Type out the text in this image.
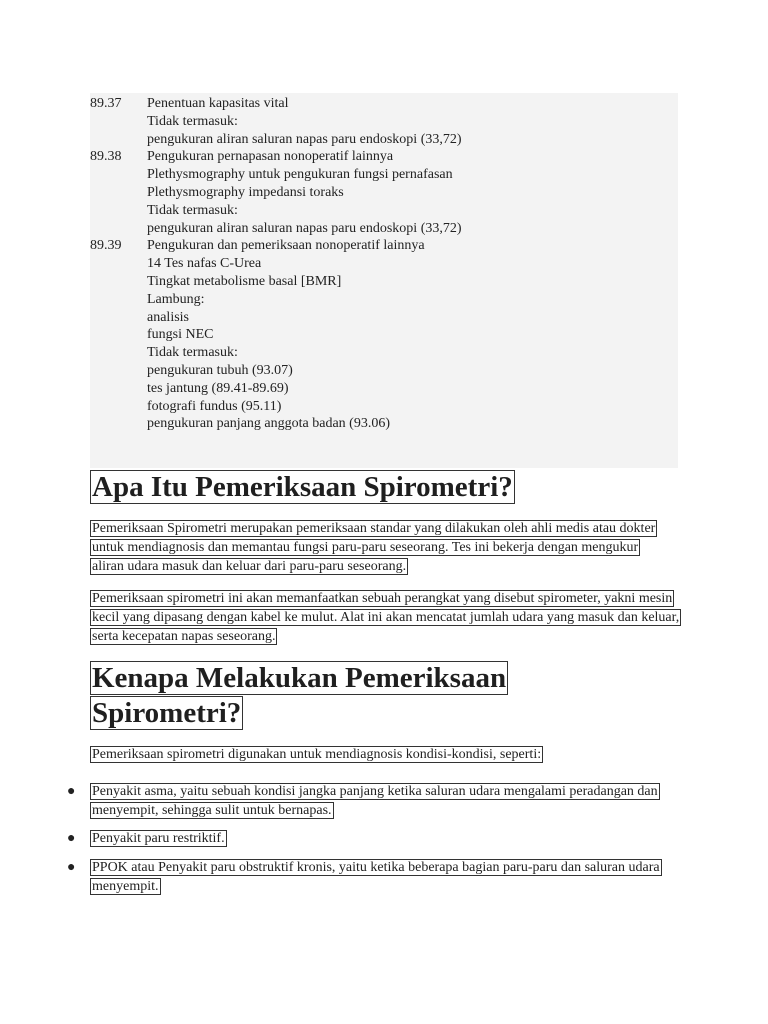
89.37	Penentuan kapasitas vital
Tidak termasuk:
pengukuran aliran saluran napas paru endoskopi (33,72)
89.38	Pengukuran pernapasan nonoperatif lainnya
Plethysmography untuk pengukuran fungsi pernafasan
Plethysmography impedansi toraks
Tidak termasuk:
pengukuran aliran saluran napas paru endoskopi (33,72)
89.39	Pengukuran dan pemeriksaan nonoperatif lainnya
14 Tes nafas C-Urea
Tingkat metabolisme basal [BMR]
Lambung:
analisis
fungsi NEC
Tidak termasuk:
pengukuran tubuh (93.07)
tes jantung (89.41-89.69)
fotografi fundus (95.11)
pengukuran panjang anggota badan (93.06)
Apa Itu Pemeriksaan Spirometri?

Pemeriksaan Spirometri merupakan pemeriksaan standar yang dilakukan oleh ahli medis atau dokter untuk mendiagnosis dan memantau fungsi paru-paru seseorang. Tes ini bekerja dengan mengukur aliran udara masuk dan keluar dari paru-paru seseorang.

Pemeriksaan spirometri ini akan memanfaatkan sebuah perangkat yang disebut spirometer, yakni mesin kecil yang dipasang dengan kabel ke mulut. Alat ini akan mencatat jumlah udara yang masuk dan keluar, serta kecepatan napas seseorang.

Kenapa Melakukan Pemeriksaan Spirometri?

Pemeriksaan spirometri digunakan untuk mendiagnosis kondisi-kondisi, seperti:

● Penyakit asma, yaitu sebuah kondisi jangka panjang ketika saluran udara mengalami peradangan dan menyempit, sehingga sulit untuk bernapas.
● Penyakit paru restriktif.
● PPOK atau Penyakit paru obstruktif kronis, yaitu ketika beberapa bagian paru-paru dan saluran udara menyempit.
